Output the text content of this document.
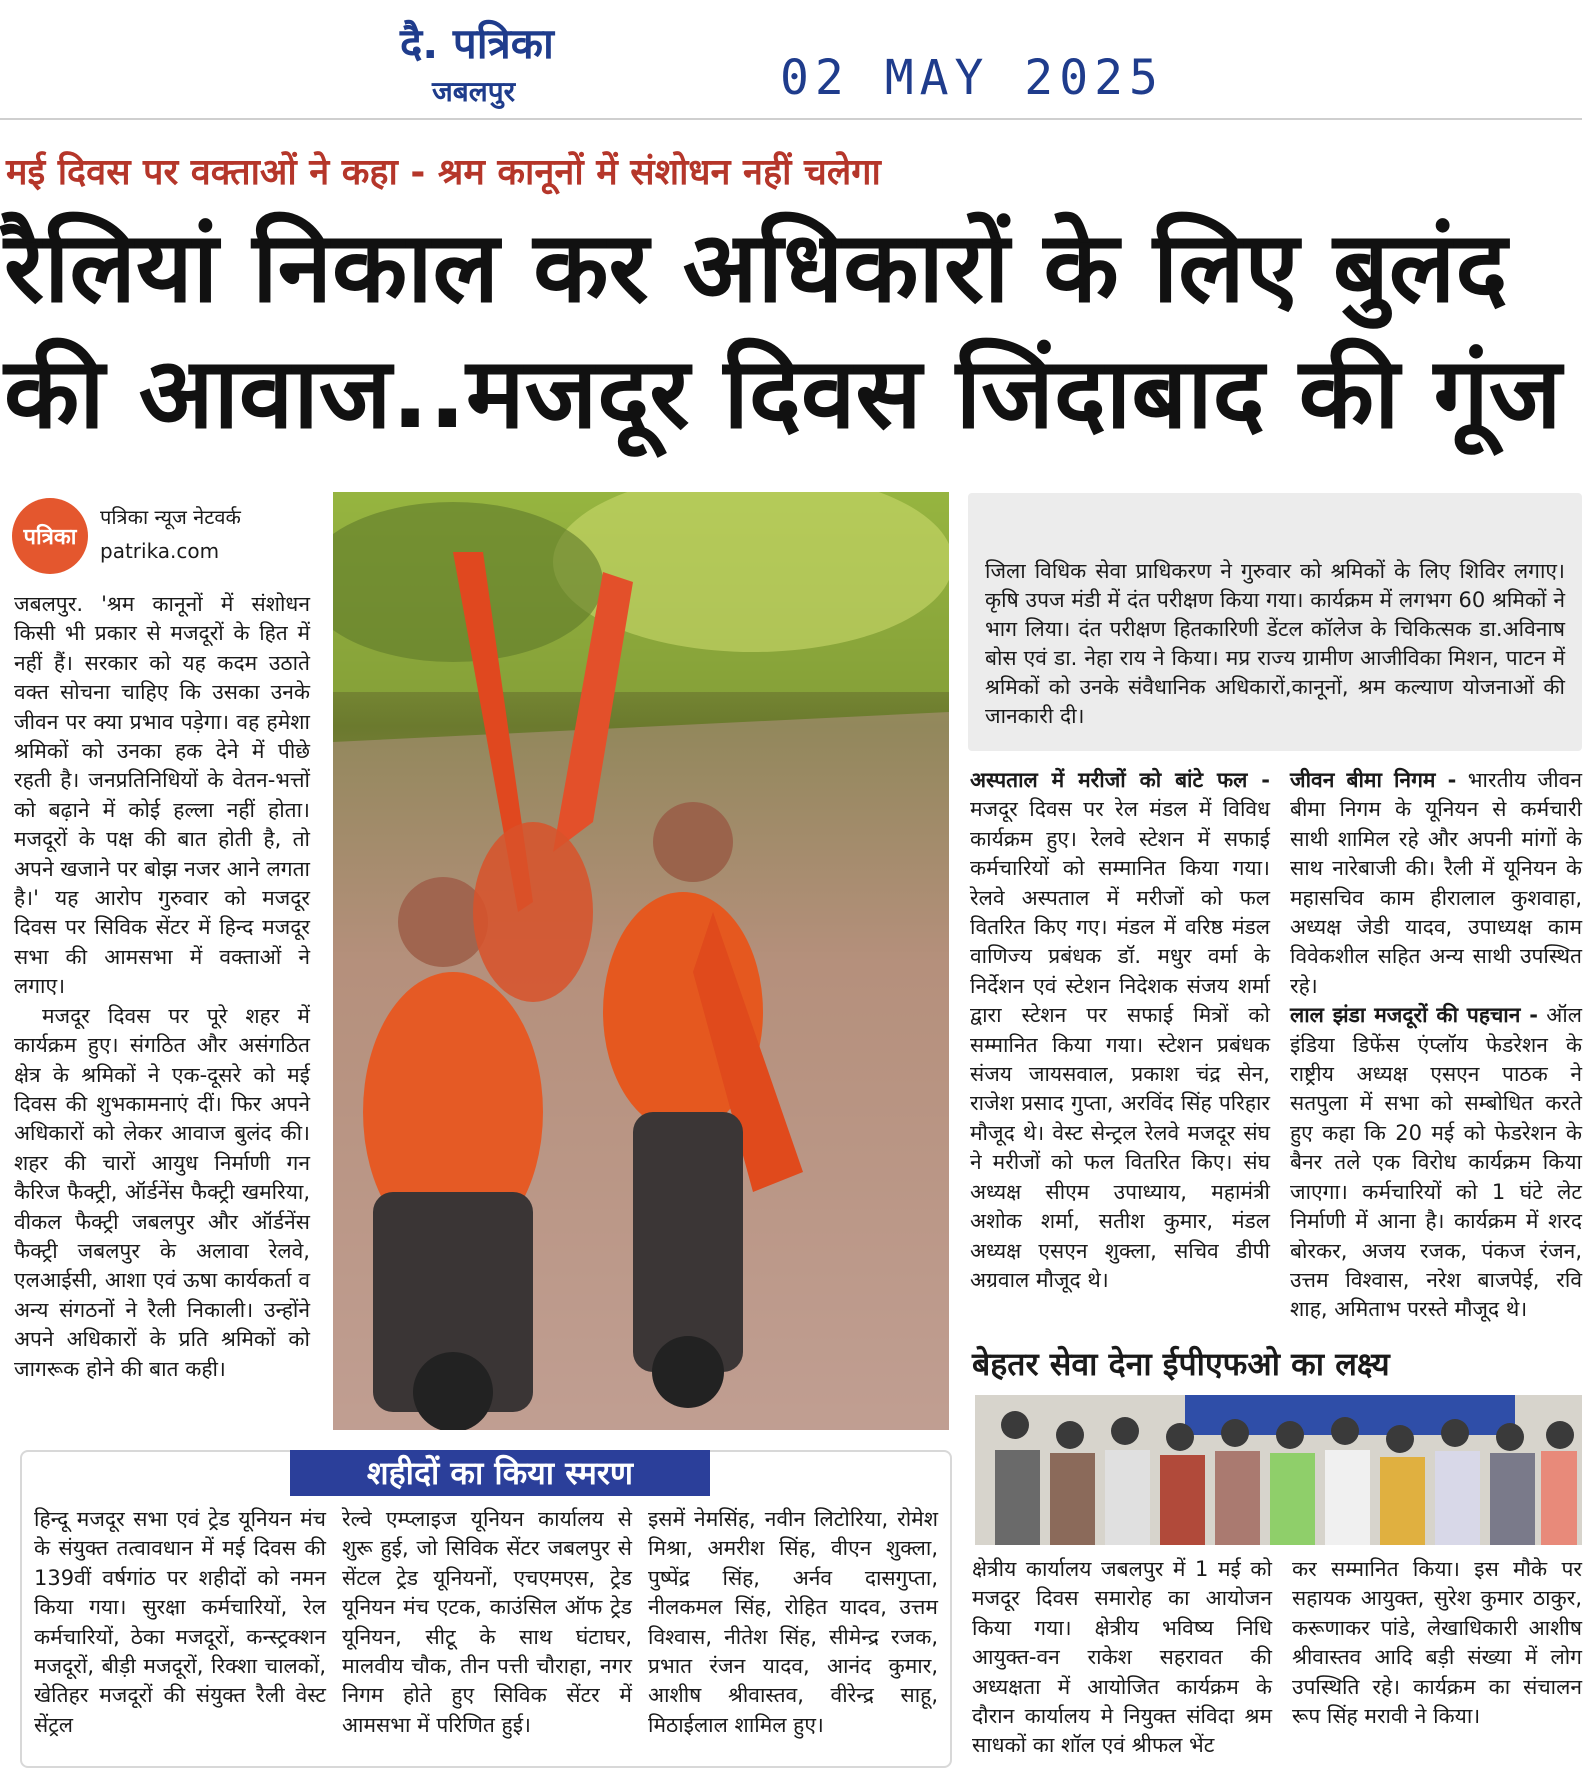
दै. पत्रिका
जबलपुर	02 MAY 2025
मई दिवस पर वक्ताओं ने कहा - श्रम कानूनों में संशोधन नहीं चलेगा
रैलियां निकाल कर अधिकारों के लिए बुलंद की आवाज..मजदूर दिवस जिंदाबाद की गूंज
पत्रिका
पत्रिका न्यूज नेटवर्क
patrika.com

जबलपुर. 'श्रम कानूनों में संशोधन किसी भी प्रकार से मजदूरों के हित में नहीं हैं। सरकार को यह कदम उठाते वक्त सोचना चाहिए कि उसका उनके जीवन पर क्या प्रभाव पड़ेगा। वह हमेशा श्रमिकों को उनका हक देने में पीछे रहती है। जनप्रतिनिधियों के वेतन-भत्तों को बढ़ाने में कोई हल्ला नहीं होता। मजदूरों के पक्ष की बात होती है, तो अपने खजाने पर बोझ नजर आने लगता है।' यह आरोप गुरुवार को मजदूर दिवस पर सिविक सेंटर में हिन्द मजदूर सभा की आमसभा में वक्ताओं ने लगाए।

मजदूर दिवस पर पूरे शहर में कार्यक्रम हुए। संगठित और असंगठित क्षेत्र के श्रमिकों ने एक-दूसरे को मई दिवस की शुभकामनाएं दीं। फिर अपने अधिकारों को लेकर आवाज बुलंद की। शहर की चारों आयुध निर्माणी गन कैरिज फैक्ट्री, ऑर्डनेंस फैक्ट्री खमरिया, वीकल फैक्ट्री जबलपुर और ऑर्डनेंस फैक्ट्री जबलपुर के अलावा रेलवे, एलआईसी, आशा एवं ऊषा कार्यकर्ता व अन्य संगठनों ने रैली निकाली। उन्होंने अपने अधिकारों के प्रति श्रमिकों को जागरूक होने की बात कही।

जिला विधिक सेवा प्राधिकरण ने गुरुवार को श्रमिकों के लिए शिविर लगाए। कृषि उपज मंडी में दंत परीक्षण किया गया। कार्यक्रम में लगभग 60 श्रमिकों ने भाग लिया। दंत परीक्षण हितकारिणी डेंटल कॉलेज के चिकित्सक डा.अविनाष बोस एवं डा. नेहा राय ने किया। मप्र राज्य ग्रामीण आजीविका मिशन, पाटन में श्रमिकों को उनके संवैधानिक अधिकारों,कानूनों, श्रम कल्याण योजनाओं की जानकारी दी।

अस्पताल में मरीजों को बांटे फल - मजदूर दिवस पर रेल मंडल में विविध कार्यक्रम हुए। रेलवे स्टेशन में सफाई कर्मचारियों को सम्मानित किया गया। रेलवे अस्पताल में मरीजों को फल वितरित किए गए। मंडल में वरिष्ठ मंडल वाणिज्य प्रबंधक डॉ. मधुर वर्मा के निर्देशन एवं स्टेशन निदेशक संजय शर्मा द्वारा स्टेशन पर सफाई मित्रों को सम्मानित किया गया। स्टेशन प्रबंधक संजय जायसवाल, प्रकाश चंद्र सेन, राजेश प्रसाद गुप्ता, अरविंद सिंह परिहार मौजूद थे। वेस्ट सेन्ट्रल रेलवे मजदूर संघ ने मरीजों को फल वितरित किए। संघ अध्यक्ष सीएम उपाध्याय, महामंत्री अशोक शर्मा, सतीश कुमार, मंडल अध्यक्ष एसएन शुक्ला, सचिव डीपी अग्रवाल मौजूद थे।

जीवन बीमा निगम - भारतीय जीवन बीमा निगम के यूनियन से कर्मचारी साथी शामिल रहे और अपनी मांगों के साथ नारेबाजी की। रैली में यूनियन के महासचिव काम हीरालाल कुशवाहा, अध्यक्ष जेडी यादव, उपाध्यक्ष काम विवेकशील सहित अन्य साथी उपस्थित रहे।

लाल झंडा मजदूरों की पहचान - ऑल इंडिया डिफेंस एंप्लॉय फेडरेशन के राष्ट्रीय अध्यक्ष एसएन पाठक ने सतपुला में सभा को सम्बोधित करते हुए कहा कि 20 मई को फेडरेशन के बैनर तले एक विरोध कार्यक्रम किया जाएगा। कर्मचारियों को 1 घंटे लेट निर्माणी में आना है। कार्यक्रम में शरद बोरकर, अजय रजक, पंकज रंजन, उत्तम विश्वास, नरेश बाजपेई, रवि शाह, अमिताभ परस्ते मौजूद थे।

बेहतर सेवा देना ईपीएफओ का लक्ष्य

क्षेत्रीय कार्यालय जबलपुर में 1 मई को मजदूर दिवस समारोह का आयोजन किया गया। क्षेत्रीय भविष्य निधि आयुक्त-वन राकेश सहरावत की अध्यक्षता में आयोजित कार्यक्रम के दौरान कार्यालय मे नियुक्त संविदा श्रम साधकों का शॉल एवं श्रीफल भेंट

कर सम्मानित किया। इस मौके पर सहायक आयुक्त, सुरेश कुमार ठाकुर, करूणाकर पांडे, लेखाधिकारी आशीष श्रीवास्तव आदि बड़ी संख्या में लोग उपस्थिति रहे। कार्यक्रम का संचालन रूप सिंह मरावी ने किया।

शहीदों का किया स्मरण

हिन्दू मजदूर सभा एवं ट्रेड यूनियन मंच के संयुक्त तत्वावधान में मई दिवस की 139वीं वर्षगांठ पर शहीदों को नमन किया गया। सुरक्षा कर्मचारियों, रेल कर्मचारियों, ठेका मजदूरों, कन्स्ट्रक्शन मजदूरों, बीड़ी मजदूरों, रिक्शा चालकों, खेतिहर मजदूरों की संयुक्त रैली वेस्ट सेंट्रल

रेल्वे एम्प्लाइज यूनियन कार्यालय से शुरू हुई, जो सिविक सेंटर जबलपुर से सेंटल ट्रेड यूनियनों, एचएमएस, ट्रेड यूनियन मंच एटक, काउंसिल ऑफ ट्रेड यूनियन, सीटू के साथ घंटाघर, मालवीय चौक, तीन पत्ती चौराहा, नगर निगम होते हुए सिविक सेंटर में आमसभा में परिणित हुई।

इसमें नेमसिंह, नवीन लिटोरिया, रोमेश मिश्रा, अमरीश सिंह, वीएन शुक्ला, पुष्पेंद्र सिंह, अर्नव दासगुप्ता, नीलकमल सिंह, रोहित यादव, उत्तम विश्वास, नीतेश सिंह, सीमेन्द्र रजक, प्रभात रंजन यादव, आनंद कुमार, आशीष श्रीवास्तव, वीरेन्द्र साहू, मिठाईलाल शामिल हुए।
